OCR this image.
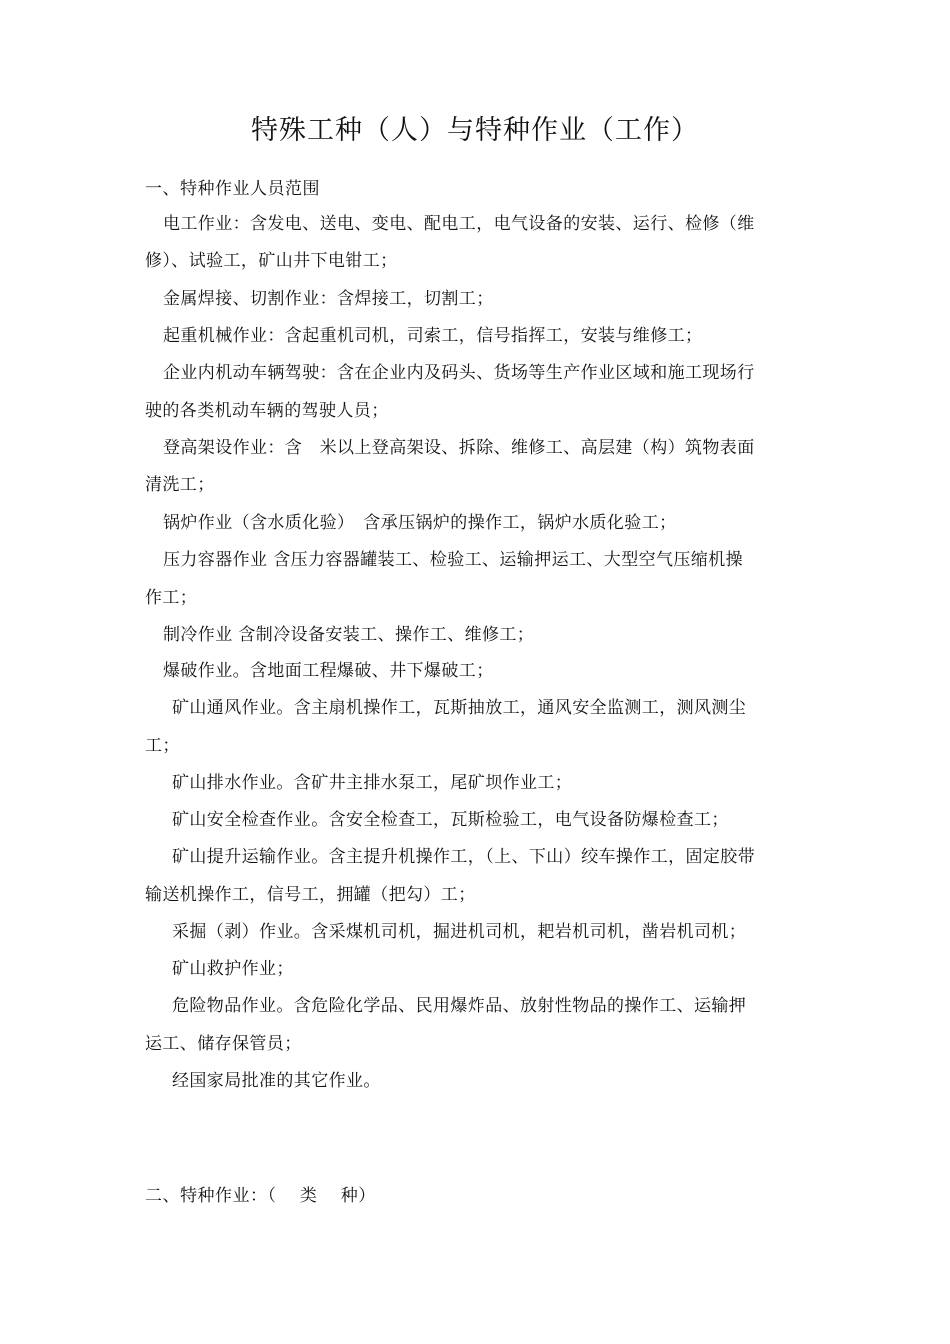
特殊工种（人）与特种作业（工作）
一、特种作业人员范围
电工作业：含发电、送电、变电、配电工，电气设备的安装、运行、检修（维
修）、试验工，矿山井下电钳工；
金属焊接、切割作业：含焊接工，切割工；
起重机械作业：含起重机司机，司索工，信号指挥工，安装与维修工；
企业内机动车辆驾驶：含在企业内及码头、货场等生产作业区域和施工现场行
驶的各类机动车辆的驾驶人员；
登高架设作业：含　米以上登高架设、拆除、维修工、高层建（构）筑物表面
清洗工；
锅炉作业（含水质化验）　含承压锅炉的操作工，锅炉水质化验工；
压力容器作业 含压力容器罐装工、检验工、运输押运工、大型空气压缩机操
作工；
制冷作业 含制冷设备安装工、操作工、维修工；
爆破作业。含地面工程爆破、井下爆破工；
矿山通风作业。含主扇机操作工，瓦斯抽放工，通风安全监测工，测风测尘
工；
矿山排水作业。含矿井主排水泵工，尾矿坝作业工；
矿山安全检查作业。含安全检查工，瓦斯检验工，电气设备防爆检查工；
矿山提升运输作业。含主提升机操作工，（上、下山）绞车操作工，固定胶带
输送机操作工，信号工，拥罐（把勾）工；
采掘（剥）作业。含采煤机司机，掘进机司机，耙岩机司机，凿岩机司机；
矿山救护作业；
危险物品作业。含危险化学品、民用爆炸品、放射性物品的操作工、运输押
运工、储存保管员；
经国家局批准的其它作业。
二、特种作业：（　 类　 种）
